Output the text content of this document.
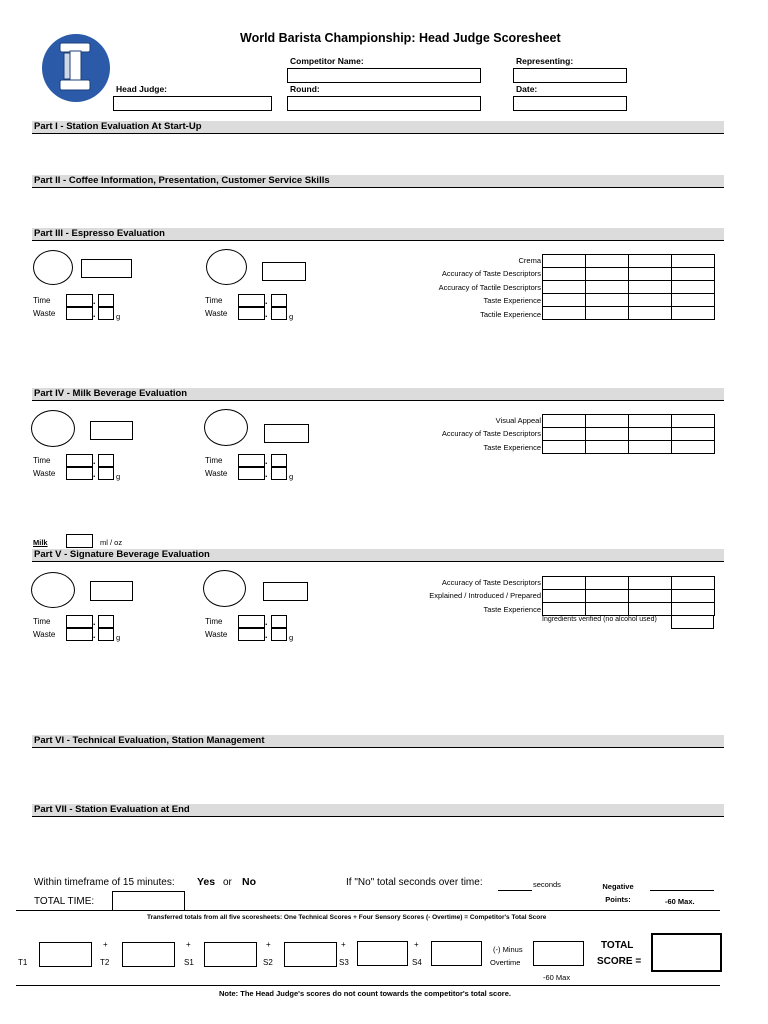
World Barista Championship: Head Judge Scoresheet
Competitor Name:	Representing:
Head Judge:	Round:	Date:
Part I - Station Evaluation At Start-Up
Part II - Coffee Information, Presentation, Customer Service Skills
Part III - Espresso Evaluation
Part IV - Milk Beverage Evaluation
Part V - Signature Beverage Evaluation
Part VI - Technical Evaluation, Station Management
Part VII - Station Evaluation at End
Time
Waste
.
.	g
Time
Waste
.
.	g
Crema
Accuracy of Taste Descriptors
Accuracy of Tactile Descriptors
Taste Experience
Tactile Experience

Time
Waste
.
.	g
Time
Waste
.
.	g
Visual Appeal
Accuracy of Taste Descriptors
Taste Experience

Milk	ml / oz
Time
Waste
.
.	g
Time
Waste
.
.	g
Accuracy of Taste Descriptors
Explained / Introduced / Prepared
Taste Experience

Ingredients verified (no alcohol used)
Within timeframe of 15 minutes: Yes or No	If "No" total seconds over time:	seconds	Negative Points:	-60 Max.
TOTAL TIME:
Transferred totals from all five scoresheets: One Technical Scores + Four Sensory Scores (- Overtime) = Competitor's Total Score
T1
+
T2
+
S1
+
S2
+
S3
+
S4
(-) Minus
Overtime
-60 Max
TOTAL
SCORE =
Note: The Head Judge's scores do not count towards the competitor's total score.
